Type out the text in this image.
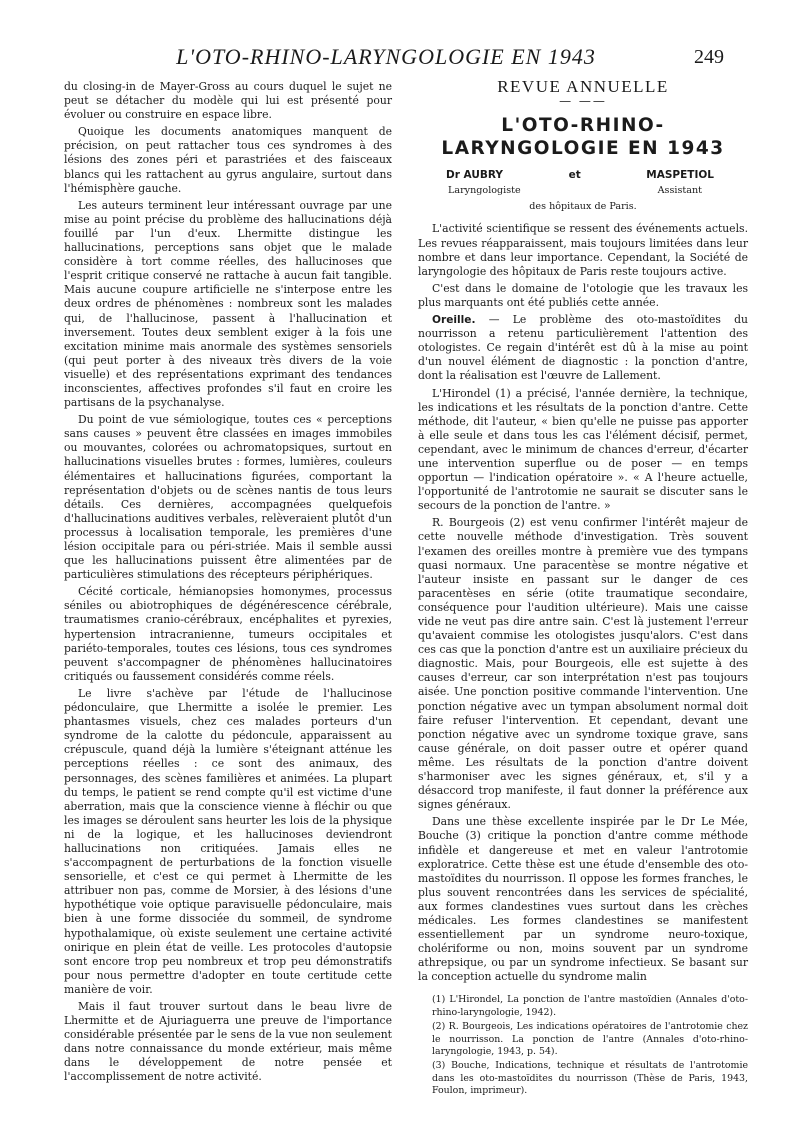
L'OTO-RHINO-LARYNGOLOGIE EN 1943	249

du closing-in de Mayer-Gross au cours duquel le sujet ne peut se détacher du modèle qui lui est présenté pour évoluer ou construire en espace libre.

Quoique les documents anatomiques manquent de précision, on peut rattacher tous ces syndromes à des lésions des zones péri et parastriées et des faisceaux blancs qui les rattachent au gyrus angulaire, surtout dans l'hémisphère gauche.

Les auteurs terminent leur intéressant ouvrage par une mise au point précise du problème des hallucinations déjà fouillé par l'un d'eux. Lhermitte distingue les hallucinations, perceptions sans objet que le malade considère à tort comme réelles, des hallucinoses que l'esprit critique conservé ne rattache à aucun fait tangible. Mais aucune coupure artificielle ne s'interpose entre les deux ordres de phénomènes : nombreux sont les malades qui, de l'hallucinose, passent à l'hallucination et inversement. Toutes deux semblent exiger à la fois une excitation minime mais anormale des systèmes sensoriels (qui peut porter à des niveaux très divers de la voie visuelle) et des représentations exprimant des tendances inconscientes, affectives profondes s'il faut en croire les partisans de la psychanalyse.

Du point de vue sémiologique, toutes ces « perceptions sans causes » peuvent être classées en images immobiles ou mouvantes, colorées ou achromatopsiques, surtout en hallucinations visuelles brutes : formes, lumières, couleurs élémentaires et hallucinations figurées, comportant la représentation d'objets ou de scènes nantis de tous leurs détails. Ces dernières, accompagnées quelquefois d'hallucinations auditives verbales, relèveraient plutôt d'un processus à localisation temporale, les premières d'une lésion occipitale para ou péri-striée. Mais il semble aussi que les hallucinations puissent être alimentées par de particulières stimulations des récepteurs périphériques.

Cécité corticale, hémianopsies homonymes, processus séniles ou abiotrophiques de dégénérescence cérébrale, traumatismes cranio-cérébraux, encéphalites et pyrexies, hypertension intracranienne, tumeurs occipitales et pariéto-temporales, toutes ces lésions, tous ces syndromes peuvent s'accompagner de phénomènes hallucinatoires critiqués ou faussement considérés comme réels.

Le livre s'achève par l'étude de l'hallucinose pédonculaire, que Lhermitte a isolée le premier. Les phantasmes visuels, chez ces malades porteurs d'un syndrome de la calotte du pédoncule, apparaissent au crépuscule, quand déjà la lumière s'éteignant atténue les perceptions réelles : ce sont des animaux, des personnages, des scènes familières et animées. La plupart du temps, le patient se rend compte qu'il est victime d'une aberration, mais que la conscience vienne à fléchir ou que les images se déroulent sans heurter les lois de la physique ni de la logique, et les hallucinoses deviendront hallucinations non critiquées. Jamais elles ne s'accompagnent de perturbations de la fonction visuelle sensorielle, et c'est ce qui permet à Lhermitte de les attribuer non pas, comme de Morsier, à des lésions d'une hypothétique voie optique paravisuelle pédonculaire, mais bien à une forme dissociée du sommeil, de syndrome hypothalamique, où existe seulement une certaine activité onirique en plein état de veille. Les protocoles d'autopsie sont encore trop peu nombreux et trop peu démonstratifs pour nous permettre d'adopter en toute certitude cette manière de voir.

Mais il faut trouver surtout dans le beau livre de Lhermitte et de Ajuriaguerra une preuve de l'importance considérable présentée par le sens de la vue non seulement dans notre connaissance du monde extérieur, mais même dans le développement de notre pensée et l'accomplissement de notre activité.

REVUE ANNUELLE
— ——
L'OTO-RHINO-
LARYNGOLOGIE EN 1943
Dr AUBRY	et	MASPETIOL
Laryngologiste	Assistant
des hôpitaux de Paris.

L'activité scientifique se ressent des événements actuels. Les revues réapparaissent, mais toujours limitées dans leur nombre et dans leur importance. Cependant, la Société de laryngologie des hôpitaux de Paris reste toujours active.

C'est dans le domaine de l'otologie que les travaux les plus marquants ont été publiés cette année.

Oreille. — Le problème des oto-mastoïdites du nourrisson a retenu particulièrement l'attention des otologistes. Ce regain d'intérêt est dû à la mise au point d'un nouvel élément de diagnostic : la ponction d'antre, dont la réalisation est l'œuvre de Lallement.

L'Hirondel (1) a précisé, l'année dernière, la technique, les indications et les résultats de la ponction d'antre. Cette méthode, dit l'auteur, « bien qu'elle ne puisse pas apporter à elle seule et dans tous les cas l'élément décisif, permet, cependant, avec le minimum de chances d'erreur, d'écarter une intervention superflue ou de poser — en temps opportun — l'indication opératoire ». « A l'heure actuelle, l'opportunité de l'antrotomie ne saurait se discuter sans le secours de la ponction de l'antre. »

R. Bourgeois (2) est venu confirmer l'intérêt majeur de cette nouvelle méthode d'investigation. Très souvent l'examen des oreilles montre à première vue des tympans quasi normaux. Une paracentèse se montre négative et l'auteur insiste en passant sur le danger de ces paracentèses en série (otite traumatique secondaire, conséquence pour l'audition ultérieure). Mais une caisse vide ne veut pas dire antre sain. C'est là justement l'erreur qu'avaient commise les otologistes jusqu'alors. C'est dans ces cas que la ponction d'antre est un auxiliaire précieux du diagnostic. Mais, pour Bourgeois, elle est sujette à des causes d'erreur, car son interprétation n'est pas toujours aisée. Une ponction positive commande l'intervention. Une ponction négative avec un tympan absolument normal doit faire refuser l'intervention. Et cependant, devant une ponction négative avec un syndrome toxique grave, sans cause générale, on doit passer outre et opérer quand même. Les résultats de la ponction d'antre doivent s'harmoniser avec les signes généraux, et, s'il y a désaccord trop manifeste, il faut donner la préférence aux signes généraux.

Dans une thèse excellente inspirée par le Dr Le Mée, Bouche (3) critique la ponction d'antre comme méthode infidèle et dangereuse et met en valeur l'antrotomie exploratrice. Cette thèse est une étude d'ensemble des oto-mastoïdites du nourrisson. Il oppose les formes franches, le plus souvent rencontrées dans les services de spécialité, aux formes clandestines vues surtout dans les crèches médicales. Les formes clandestines se manifestent essentiellement par un syndrome neuro-toxique, cholériforme ou non, moins souvent par un syndrome athrepsique, ou par un syndrome infectieux. Se basant sur la conception actuelle du syndrome malin

(1) L'Hirondel, La ponction de l'antre mastoïdien (Annales d'oto-rhino-laryngologie, 1942).

(2) R. Bourgeois, Les indications opératoires de l'antrotomie chez le nourrisson. La ponction de l'antre (Annales d'oto-rhino-laryngologie, 1943, p. 54).

(3) Bouche, Indications, technique et résultats de l'antrotomie dans les oto-mastoïdites du nourrisson (Thèse de Paris, 1943, Foulon, imprimeur).
